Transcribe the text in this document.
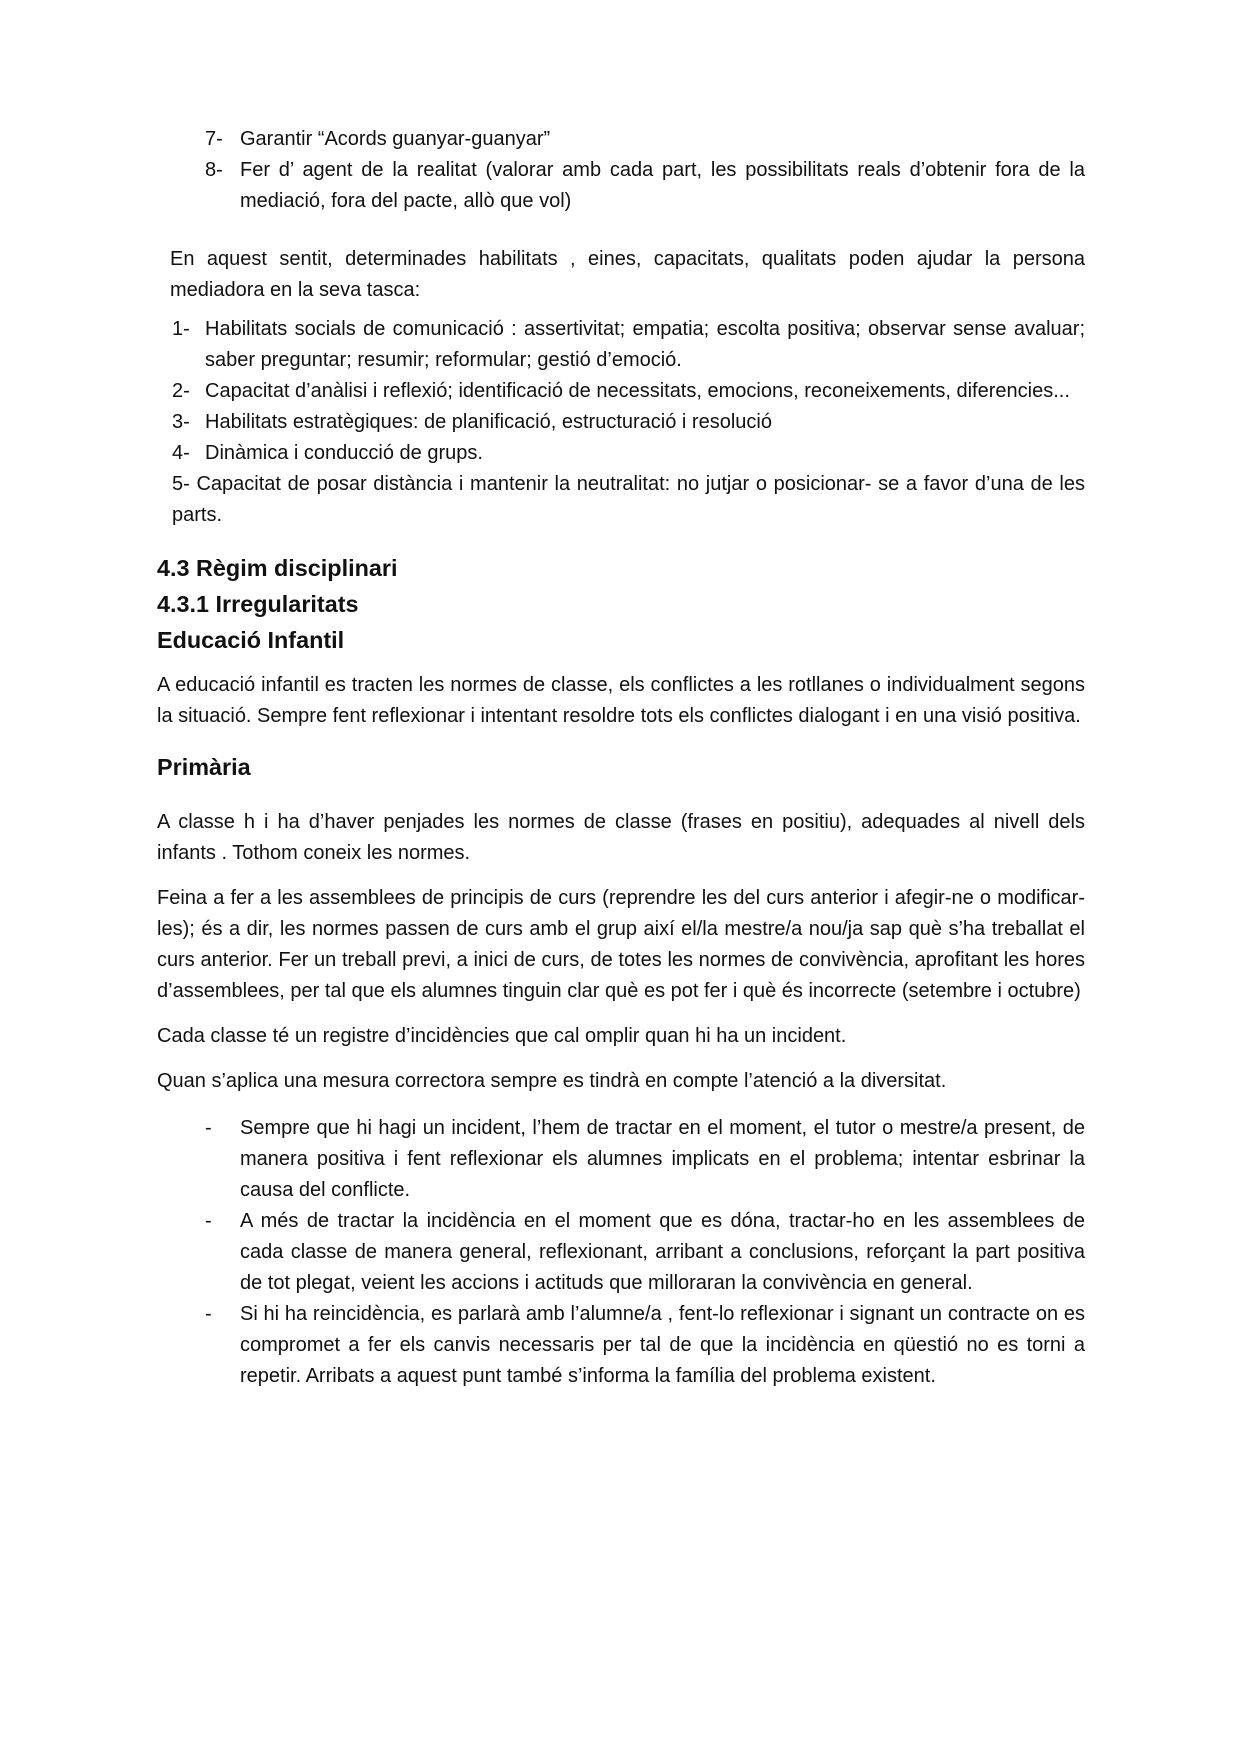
7- Garantir “Acords guanyar-guanyar”
8- Fer d’ agent de la realitat (valorar amb cada part, les possibilitats reals d’obtenir fora de la mediació, fora del pacte, allò que vol)

En aquest sentit, determinades habilitats , eines, capacitats, qualitats poden ajudar la persona mediadora en la seva tasca:

1- Habilitats socials de comunicació : assertivitat; empatia; escolta positiva; observar sense avaluar; saber preguntar; resumir; reformular; gestió d’emoció.
2- Capacitat d’anàlisi i reflexió; identificació de necessitats, emocions, reconeixements, diferencies...
3- Habilitats estratègiques: de planificació, estructuració i resolució
4- Dinàmica i conducció de grups.
5- Capacitat de posar distància i mantenir la neutralitat: no jutjar o posicionar- se a favor d’una de les parts.
4.3 Règim disciplinari
4.3.1 Irregularitats
Educació Infantil

A educació infantil es tracten les normes de classe, els conflictes a les rotllanes o individualment segons la situació. Sempre fent reflexionar i intentant resoldre tots els conflictes dialogant i en una visió positiva.

Primària

A classe h i ha d’haver penjades les normes de classe (frases en positiu), adequades al nivell dels infants . Tothom coneix les normes.

Feina a fer a les assemblees de principis de curs (reprendre les del curs anterior i afegir-ne o modificar-les); és a dir, les normes passen de curs amb el grup així el/la mestre/a nou/ja sap què s’ha treballat el curs anterior. Fer un treball previ, a inici de curs, de totes les normes de convivència, aprofitant les hores d’assemblees, per tal que els alumnes tinguin clar què es pot fer i què és incorrecte (setembre i octubre)

Cada classe té un registre d’incidències que cal omplir quan hi ha un incident.

Quan s’aplica una mesura correctora sempre es tindrà en compte l’atenció a la diversitat.

-	Sempre que hi hagi un incident, l’hem de tractar en el moment, el tutor o mestre/a present, de manera positiva i fent reflexionar els alumnes implicats en el problema; intentar esbrinar la causa del conflicte.
-	A més de tractar la incidència en el moment que es dóna, tractar-ho en les assemblees de cada classe de manera general, reflexionant, arribant a conclusions, reforçant la part positiva de tot plegat, veient les accions i actituds que milloraran la convivència en general.
-	Si hi ha reincidència, es parlarà amb l’alumne/a , fent-lo reflexionar i signant un contracte on es compromet a fer els canvis necessaris per tal de que la incidència en qüestió no es torni a repetir. Arribats a aquest punt també s’informa la família del problema existent.
